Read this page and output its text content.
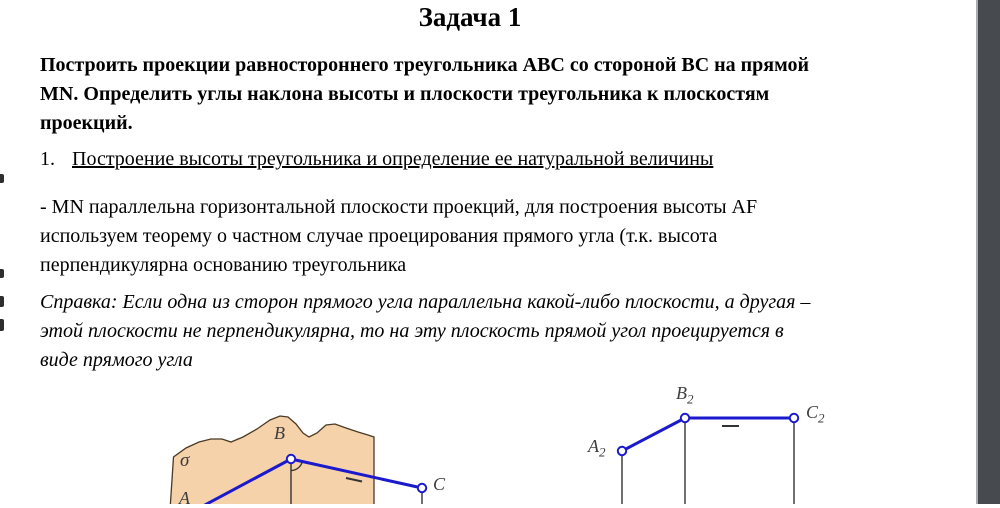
Задача 1
Построить проекции равностороннего треугольника ABC со стороной BC на прямой
MN. Определить углы наклона высоты и плоскости треугольника к плоскостям
проекций.
1. Построение высоты треугольника и определение ее натуральной величины
- MN параллельна горизонтальной плоскости проекций, для построения высоты AF
используем теорему о частном случае проецирования прямого угла (т.к. высота
перпендикулярна основанию треугольника
Справка: Если одна из сторон прямого угла параллельна какой-либо плоскости, а другая –
этой плоскости не перпендикулярна, то на эту плоскость прямой угол проецируется в
виде прямого угла
σ
B
A
C
$A_2$
$B_2$
$C_2$
